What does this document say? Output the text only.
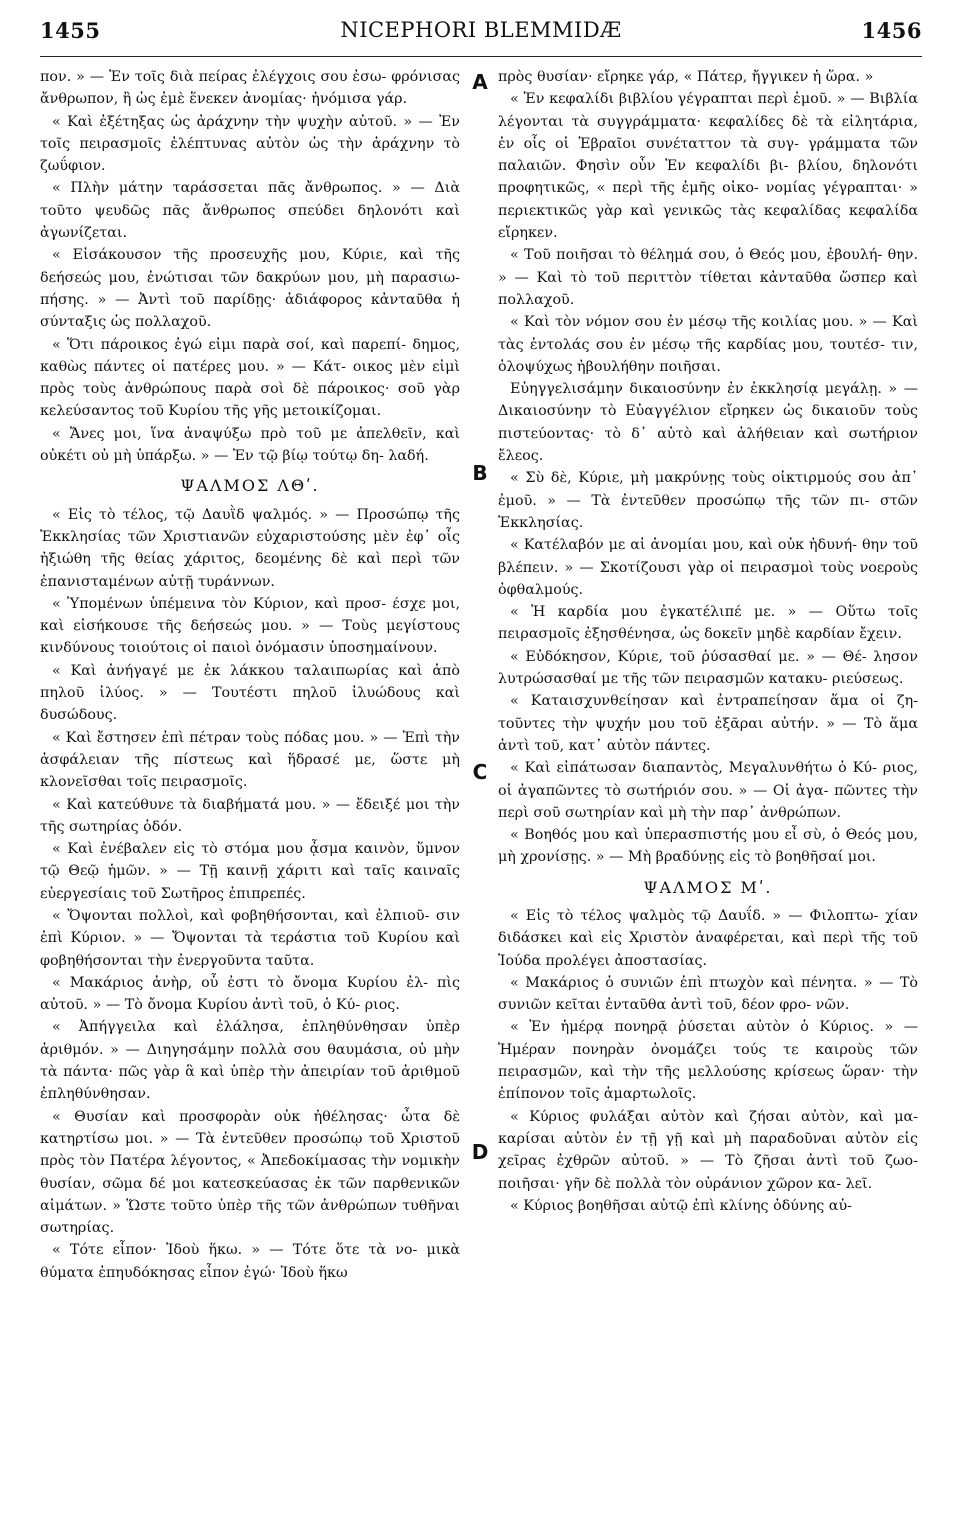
1455	NICEPHORI BLEMMIDÆ	1456

πον. » — Ἐν τοῖς διὰ πείρας ἐλέγχοις σου ἐσω- φρόνισας ἄνθρωπον, ἢ ὡς ἐμὲ ἕνεκεν ἀνομίας· ἠνόμισα γάρ.

« Καὶ ἐξέτηξας ὡς ἀράχνην τὴν ψυχὴν αὐτοῦ. » — Ἐν τοῖς πειρασμοῖς ἐλέπτυνας αὐτὸν ὡς τὴν ἀράχνην τὸ ζωΰφιον.

« Πλὴν μάτην ταράσσεται πᾶς ἄνθρωπος. » — Διὰ τοῦτο ψευδῶς πᾶς ἄνθρωπος σπεύδει δηλονότι καὶ ἀγωνίζεται.

« Εἰσάκουσον τῆς προσευχῆς μου, Κύριε, καὶ τῆς δεήσεώς μου, ἐνώτισαι τῶν δακρύων μου, μὴ παρασιω- πήσης. » — Ἀντὶ τοῦ παρίδῃς· ἀδιάφορος κἀνταῦθα ἡ σύνταξις ὡς πολλαχοῦ.

« Ὅτι πάροικος ἐγώ εἰμι παρὰ σοί, καὶ παρεπί- δημος, καθὼς πάντες οἱ πατέρες μου. » — Κάτ- οικος μὲν εἰμὶ πρὸς τοὺς ἀνθρώπους παρὰ σοὶ δὲ πάροικος· σοῦ γὰρ κελεύσαντος τοῦ Κυρίου τῆς γῆς μετοικίζομαι.

« Ἄνες μοι, ἵνα ἀναψύξω πρὸ τοῦ με ἀπελθεῖν, καὶ οὐκέτι οὐ μὴ ὑπάρξω. » — Ἐν τῷ βίῳ τούτῳ δη- λαδή.

ΨΑΛΜΟΣ ΛΘʹ.

« Εἰς τὸ τέλος, τῷ Δαυῒδ ψαλμός. » — Προσώπῳ τῆς Ἐκκλησίας τῶν Χριστιανῶν εὐχαριστούσης μὲν ἐφ᾽ οἷς ἠξιώθη τῆς θείας χάριτος, δεομένης δὲ καὶ περὶ τῶν ἐπανισταμένων αὐτῇ τυράννων.

« Ὑπομένων ὑπέμεινα τὸν Κύριον, καὶ προσ- έσχε μοι, καὶ εἰσήκουσε τῆς δεήσεώς μου. » — Τοὺς μεγίστους κινδύνους τοιούτοις οἱ παιοὶ ὀνόμασιν ὑποσημαίνουν.

« Καὶ ἀνήγαγέ με ἐκ λάκκου ταλαιπωρίας καὶ ἀπὸ πηλοῦ ἰλύος. » — Τουτέστι πηλοῦ ἰλυώδους καὶ δυσώδους.

« Καὶ ἔστησεν ἐπὶ πέτραν τοὺς πόδας μου. » — Ἐπὶ τὴν ἀσφάλειαν τῆς πίστεως καὶ ἥδρασέ με, ὥστε μὴ κλονεῖσθαι τοῖς πειρασμοῖς.

« Καὶ κατεύθυνε τὰ διαβήματά μου. » — ἔδειξέ μοι τὴν τῆς σωτηρίας ὁδόν.

« Καὶ ἐνέβαλεν εἰς τὸ στόμα μου ᾆσμα καινὸν, ὕμνον τῷ Θεῷ ἡμῶν. » — Τῇ καινῇ χάριτι καὶ ταῖς καιναῖς εὐεργεσίαις τοῦ Σωτῆρος ἐπιπρεπές.

« Ὄψονται πολλοὶ, καὶ φοβηθήσονται, καὶ ἐλπιοῦ- σιν ἐπὶ Κύριον. » — Ὄψονται τὰ τεράστια τοῦ Κυρίου καὶ φοβηθήσονται τὴν ἐνεργοῦντα ταῦτα.

« Μακάριος ἀνὴρ, οὗ ἐστι τὸ ὄνομα Κυρίου ἐλ- πὶς αὐτοῦ. » — Τὸ ὄνομα Κυρίου ἀντὶ τοῦ, ὁ Κύ- ριος.

« Ἀπήγγειλα καὶ ἐλάλησα, ἐπληθύνθησαν ὑπὲρ ἀριθμόν. » — Διηγησάμην πολλὰ σου θαυμάσια, οὐ μὴν τὰ πάντα· πῶς γὰρ ἃ καὶ ὑπὲρ τὴν ἀπειρίαν τοῦ ἀριθμοῦ ἐπληθύνθησαν.

« Θυσίαν καὶ προσφορὰν οὐκ ἠθέλησας· ὦτα δὲ κατηρτίσω μοι. » — Τὰ ἐντεῦθεν προσώπῳ τοῦ Χριστοῦ πρὸς τὸν Πατέρα λέγοντος, « Ἀπεδοκίμασας τὴν νομικὴν θυσίαν, σῶμα δέ μοι κατεσκεύασας ἐκ τῶν παρθενικῶν αἱμάτων. » Ὥστε τοῦτο ὑπὲρ τῆς τῶν ἀνθρώπων τυθῆναι σωτηρίας.

« Τότε εἶπον· Ἰδοὺ ἥκω. » — Τότε ὅτε τὰ νο- μικὰ θύματα ἐπηυδόκησας εἶπον ἐγώ· Ἰδοὺ ἥκω

πρὸς θυσίαν· εἴρηκε γάρ, « Πάτερ, ἤγγικεν ἡ ὥρα. »

« Ἐν κεφαλίδι βιβλίου γέγραπται περὶ ἐμοῦ. » — Βιβλία λέγονται τὰ συγγράμματα· κεφαλίδες δὲ τὰ εἰλητάρια, ἐν οἷς οἱ Ἑβραῖοι συνέταττον τὰ συγ- γράμματα τῶν παλαιῶν. Φησὶν οὖν Ἐν κεφαλίδι βι- βλίου, δηλονότι προφητικῶς, « περὶ τῆς ἐμῆς οἰκο- νομίας γέγραπται· » περιεκτικῶς γὰρ καὶ γενικῶς τὰς κεφαλίδας κεφαλίδα εἴρηκεν.

« Τοῦ ποιῆσαι τὸ θέλημά σου, ὁ Θεός μου, ἐβουλή- θην. » — Καὶ τὸ τοῦ περιττὸν τίθεται κἀνταῦθα ὥσπερ καὶ πολλαχοῦ.

« Καὶ τὸν νόμον σου ἐν μέσῳ τῆς κοιλίας μου. » — Καὶ τὰς ἐντολάς σου ἐν μέσῳ τῆς καρδίας μου, τουτέσ- τιν, ὁλοψύχως ἠβουλήθην ποιῆσαι.

Εὐηγγελισάμην δικαιοσύνην ἐν ἐκκλησίᾳ μεγάλῃ. » — Δικαιοσύνην τὸ Εὐαγγέλιον εἴρηκεν ὡς δικαιοῦν τοὺς πιστεύοντας· τὸ δ᾽ αὐτὸ καὶ ἀλήθειαν καὶ σωτήριον ἔλεος.

« Σὺ δὲ, Κύριε, μὴ μακρύνῃς τοὺς οἰκτιρμούς σου ἀπ᾽ ἐμοῦ. » — Τὰ ἐντεῦθεν προσώπῳ τῆς τῶν πι- στῶν Ἐκκλησίας.

« Κατέλαβόν με αἱ ἀνομίαι μου, καὶ οὐκ ἠδυνή- θην τοῦ βλέπειν. » — Σκοτίζουσι γὰρ οἱ πειρασμοὶ τοὺς νοεροὺς ὀφθαλμούς.

« Ἡ καρδία μου ἐγκατέλιπέ με. » — Οὕτω τοῖς πειρασμοῖς ἐξησθένησα, ὡς δοκεῖν μηδὲ καρδίαν ἔχειν.

« Εὐδόκησον, Κύριε, τοῦ ῥύσασθαί με. » — Θέ- λησον λυτρώσασθαί με τῆς τῶν πειρασμῶν κατακυ- ριεύσεως.

« Καταισχυνθείησαν καὶ ἐντραπείησαν ἅμα οἱ ζη- τοῦντες τὴν ψυχήν μου τοῦ ἐξᾶραι αὐτήν. » — Τὸ ἅμα ἀντὶ τοῦ, κατ᾽ αὐτὸν πάντες.

« Καὶ εἰπάτωσαν διαπαντὸς, Μεγαλυνθήτω ὁ Κύ- ριος, οἱ ἀγαπῶντες τὸ σωτήριόν σου. » — Οἱ ἀγα- πῶντες τὴν περὶ σοῦ σωτηρίαν καὶ μὴ τὴν παρ᾽ ἀνθρώπων.

« Βοηθός μου καὶ ὑπερασπιστής μου εἶ σὺ, ὁ Θεός μου, μὴ χρονίσῃς. » — Μὴ βραδύνῃς εἰς τὸ βοηθῆσαί μοι.

ΨΑΛΜΟΣ Μʹ.

« Εἰς τὸ τέλος ψαλμὸς τῷ Δαυΐδ. » — Φιλοπτω- χίαν διδάσκει καὶ εἰς Χριστὸν ἀναφέρεται, καὶ περὶ τῆς τοῦ Ἰούδα προλέγει ἀποστασίας.

« Μακάριος ὁ συνιῶν ἐπὶ πτωχὸν καὶ πένητα. » — Τὸ συνιῶν κεῖται ἐνταῦθα ἀντὶ τοῦ, δέον φρο- νῶν.

« Ἐν ἡμέρᾳ πονηρᾷ ῥύσεται αὐτὸν ὁ Κύριος. » — Ἡμέραν πονηρὰν ὀνομάζει τούς τε καιροὺς τῶν πειρασμῶν, καὶ τὴν τῆς μελλούσης κρίσεως ὥραν· τὴν ἐπίπονον τοῖς ἁμαρτωλοῖς.

« Κύριος φυλάξαι αὐτὸν καὶ ζήσαι αὐτὸν, καὶ μα- καρίσαι αὐτὸν ἐν τῇ γῇ καὶ μὴ παραδοῦναι αὐτὸν εἰς χεῖρας ἐχθρῶν αὐτοῦ. » — Τὸ ζῆσαι ἀντὶ τοῦ ζωο- ποιῆσαι· γῆν δὲ πολλὰ τὸν οὐράνιον χῶρον κα- λεῖ.

« Κύριος βοηθῆσαι αὐτῷ ἐπὶ κλίνης ὀδύνης αὐ-

A
B
C
D
